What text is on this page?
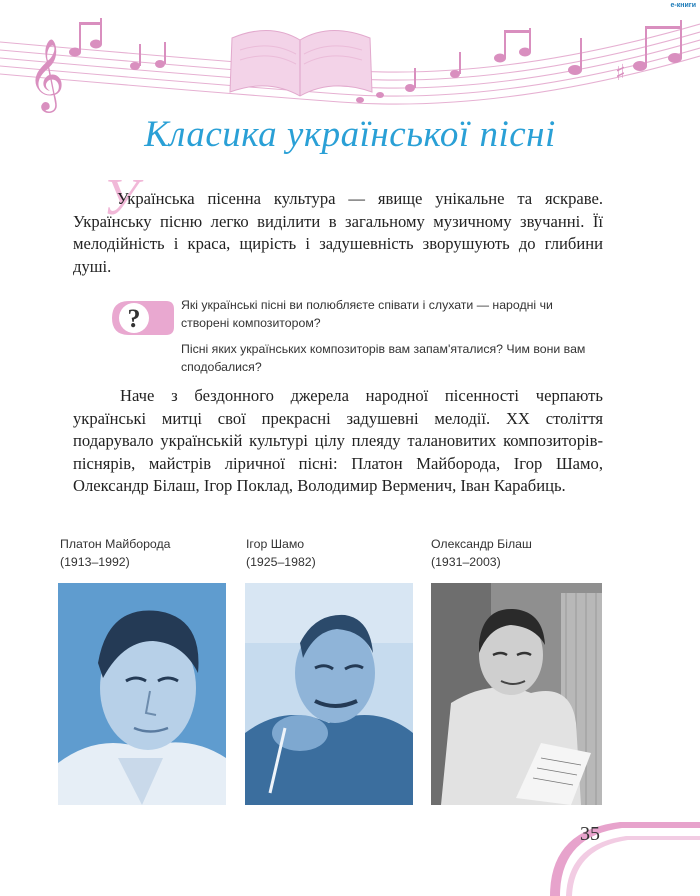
𝄞	♯
e-книги
Класика української пісні
У
Українська пісенна культура — явище унікальне та яскраве. Українську пісню легко виділити в загальному музичному звучанні. Її мелодійність і краса, щирість і задушевність зворушують до глибини душі.
?	Які українські пісні ви полюбляєте співати і слухати — народні чи створені композитором?
Пісні яких українських композиторів вам запам'яталися? Чим вони вам сподобалися?
Наче з бездонного джерела народної пісенності черпають українські митці свої прекрасні задушевні мелодії. XX століття подарувало українській культурі цілу плеяду талановитих композиторів-піснярів, майстрів ліричної пісні: Платон Майборода, Ігор Шамо, Олександр Білаш, Ігор Поклад, Володимир Верменич, Іван Карабиць.
Платон Майборода
(1913–1992)
Ігор Шамо
(1925–1982)
Олександр Білаш
(1931–2003)
35
